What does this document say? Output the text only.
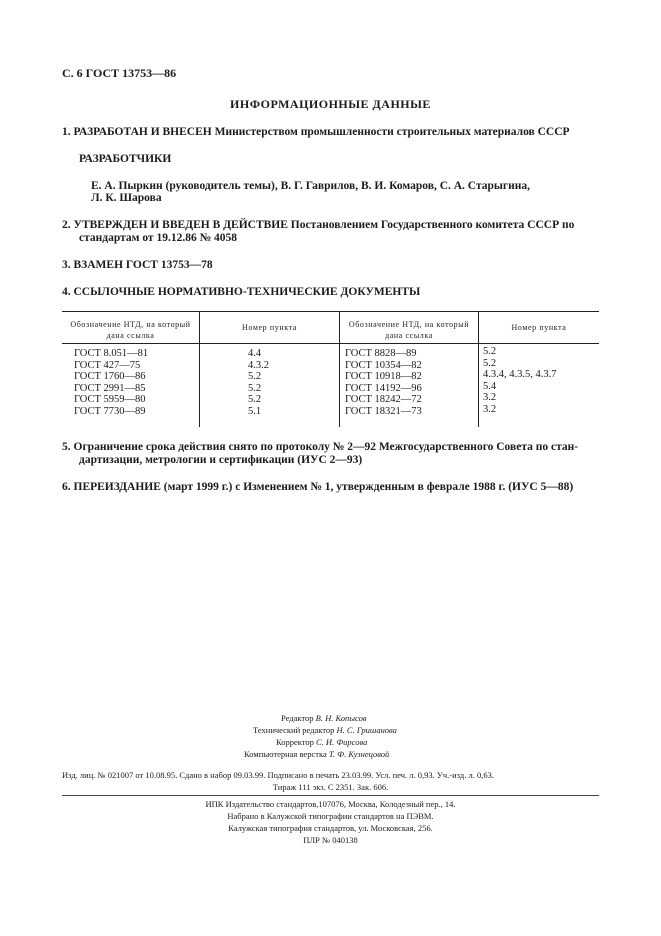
С. 6 ГОСТ 13753—86
ИНФОРМАЦИОННЫЕ ДАННЫЕ
1. РАЗРАБОТАН И ВНЕСЕН Министерством промышленности строительных материалов СССР
РАЗРАБОТЧИКИ
Е. А. Пыркин (руководитель темы), В. Г. Гаврилов, В. И. Комаров, С. А. Старыгина,
Л. К. Шарова
2. УТВЕРЖДЕН И ВВЕДЕН В ДЕЙСТВИЕ Постановлением Государственного комитета СССР по
стандартам от 19.12.86 № 4058
3. ВЗАМЕН ГОСТ 13753—78
4. ССЫЛОЧНЫЕ НОРМАТИВНО-ТЕХНИЧЕСКИЕ ДОКУМЕНТЫ
Обозначение НТД, на который дана ссылка
Номер пункта	Обозначение НТД, на который дана ссылка
Номер пункта
ГОСТ 8.051—81
ГОСТ 427—75
ГОСТ 1760—86
ГОСТ 2991—85
ГОСТ 5959—80
ГОСТ 7730—89
4.4
4.3.2
5.2
5.2
5.2
5.1
ГОСТ 8828—89
ГОСТ 10354—82
ГОСТ 10918—82
ГОСТ 14192—96
ГОСТ 18242—72
ГОСТ 18321—73
5.2
5.2
4.3.4, 4.3.5, 4.3.7
5.4
3.2
3.2
5. Ограничение срока действия снято по протоколу № 2—92 Межгосударственного Совета по стан-
дартизации, метрологии и сертификации (ИУС 2—93)
6. ПЕРЕИЗДАНИЕ (март 1999 г.) с Изменением № 1, утвержденным в феврале 1988 г. (ИУС 5—88)
Редактор В. Н. Копысов
Технический редактор Н. С. Гришанова
Корректор С. И. Фирсова
Компьютерная верстка Т. Ф. Кузнецовой
Изд. лиц. № 021007 от 10.08.95. Сдано в набор 09.03.99. Подписано в печать 23.03.99. Усл. печ. л. 0,93. Уч.-изд. л. 0,63.
Тираж 111 экз. С 2351. Зак. 606.
ИПК Издательство стандартов,107076, Москва, Колодезный пер., 14.
Набрано в Калужской типографии стандартов на ПЭВМ.
Калужская типография стандартов, ул. Московская, 256.
ПЛР № 040138
